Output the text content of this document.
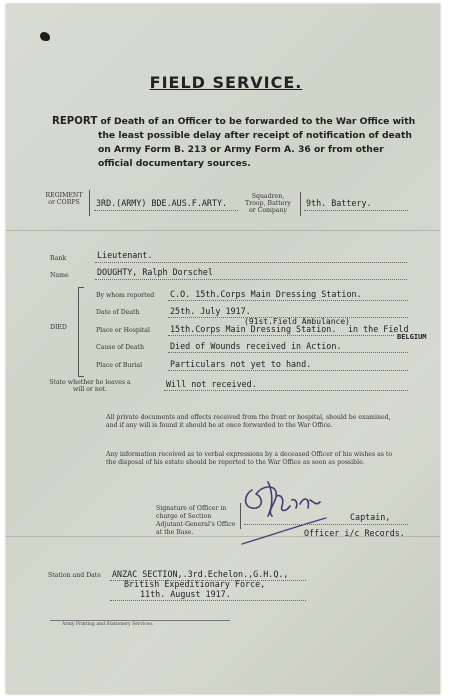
FIELD SERVICE.
REPORT of Death of an Officer to be forwarded to the War Office with
the least possible delay after receipt of notification of death
on Army Form B. 213 or Army Form A. 36 or from other
official documentary sources.
REGIMENT or CORPS	3RD.(ARMY) BDE.AUS.F.ARTY.
Squadron, Troop, Battery or Company
9th. Battery.
Rank	Lieutenant.
Name	DOUGHTY, Ralph Dorschel
DIED
By whom reported C.O. 15th.Corps Main Dressing Station.
Date of Death	25th. July 1917.
(91st.Field Ambulance)
Place or Hospital 15th.Corps Main Dressing Station. in the Field
BELGIUM
Cause of Death	Died of Wounds received in Action.
Place of Burial	Particulars not yet to hand.
State whether he leaves a will or not.
Will not received.
All private documents and effects received from the front or hospital, should be examined, and if any will is found it should be at once forwarded to the War Office.
Any information received as to verbal expressions by a deceased Officer of his wishes as to the disposal of his estate should be reported to the War Office as soon as possible.
Signature of Officer in charge of Section Adjutant-General's Office at the Base.
Captain,
Officer i/c Records.
Station and Date ANZAC SECTION,.3rd.Echelon.,G.H.Q.,
British Expeditionary Force,
11th. August 1917.
Army Printing and Stationery Services.
